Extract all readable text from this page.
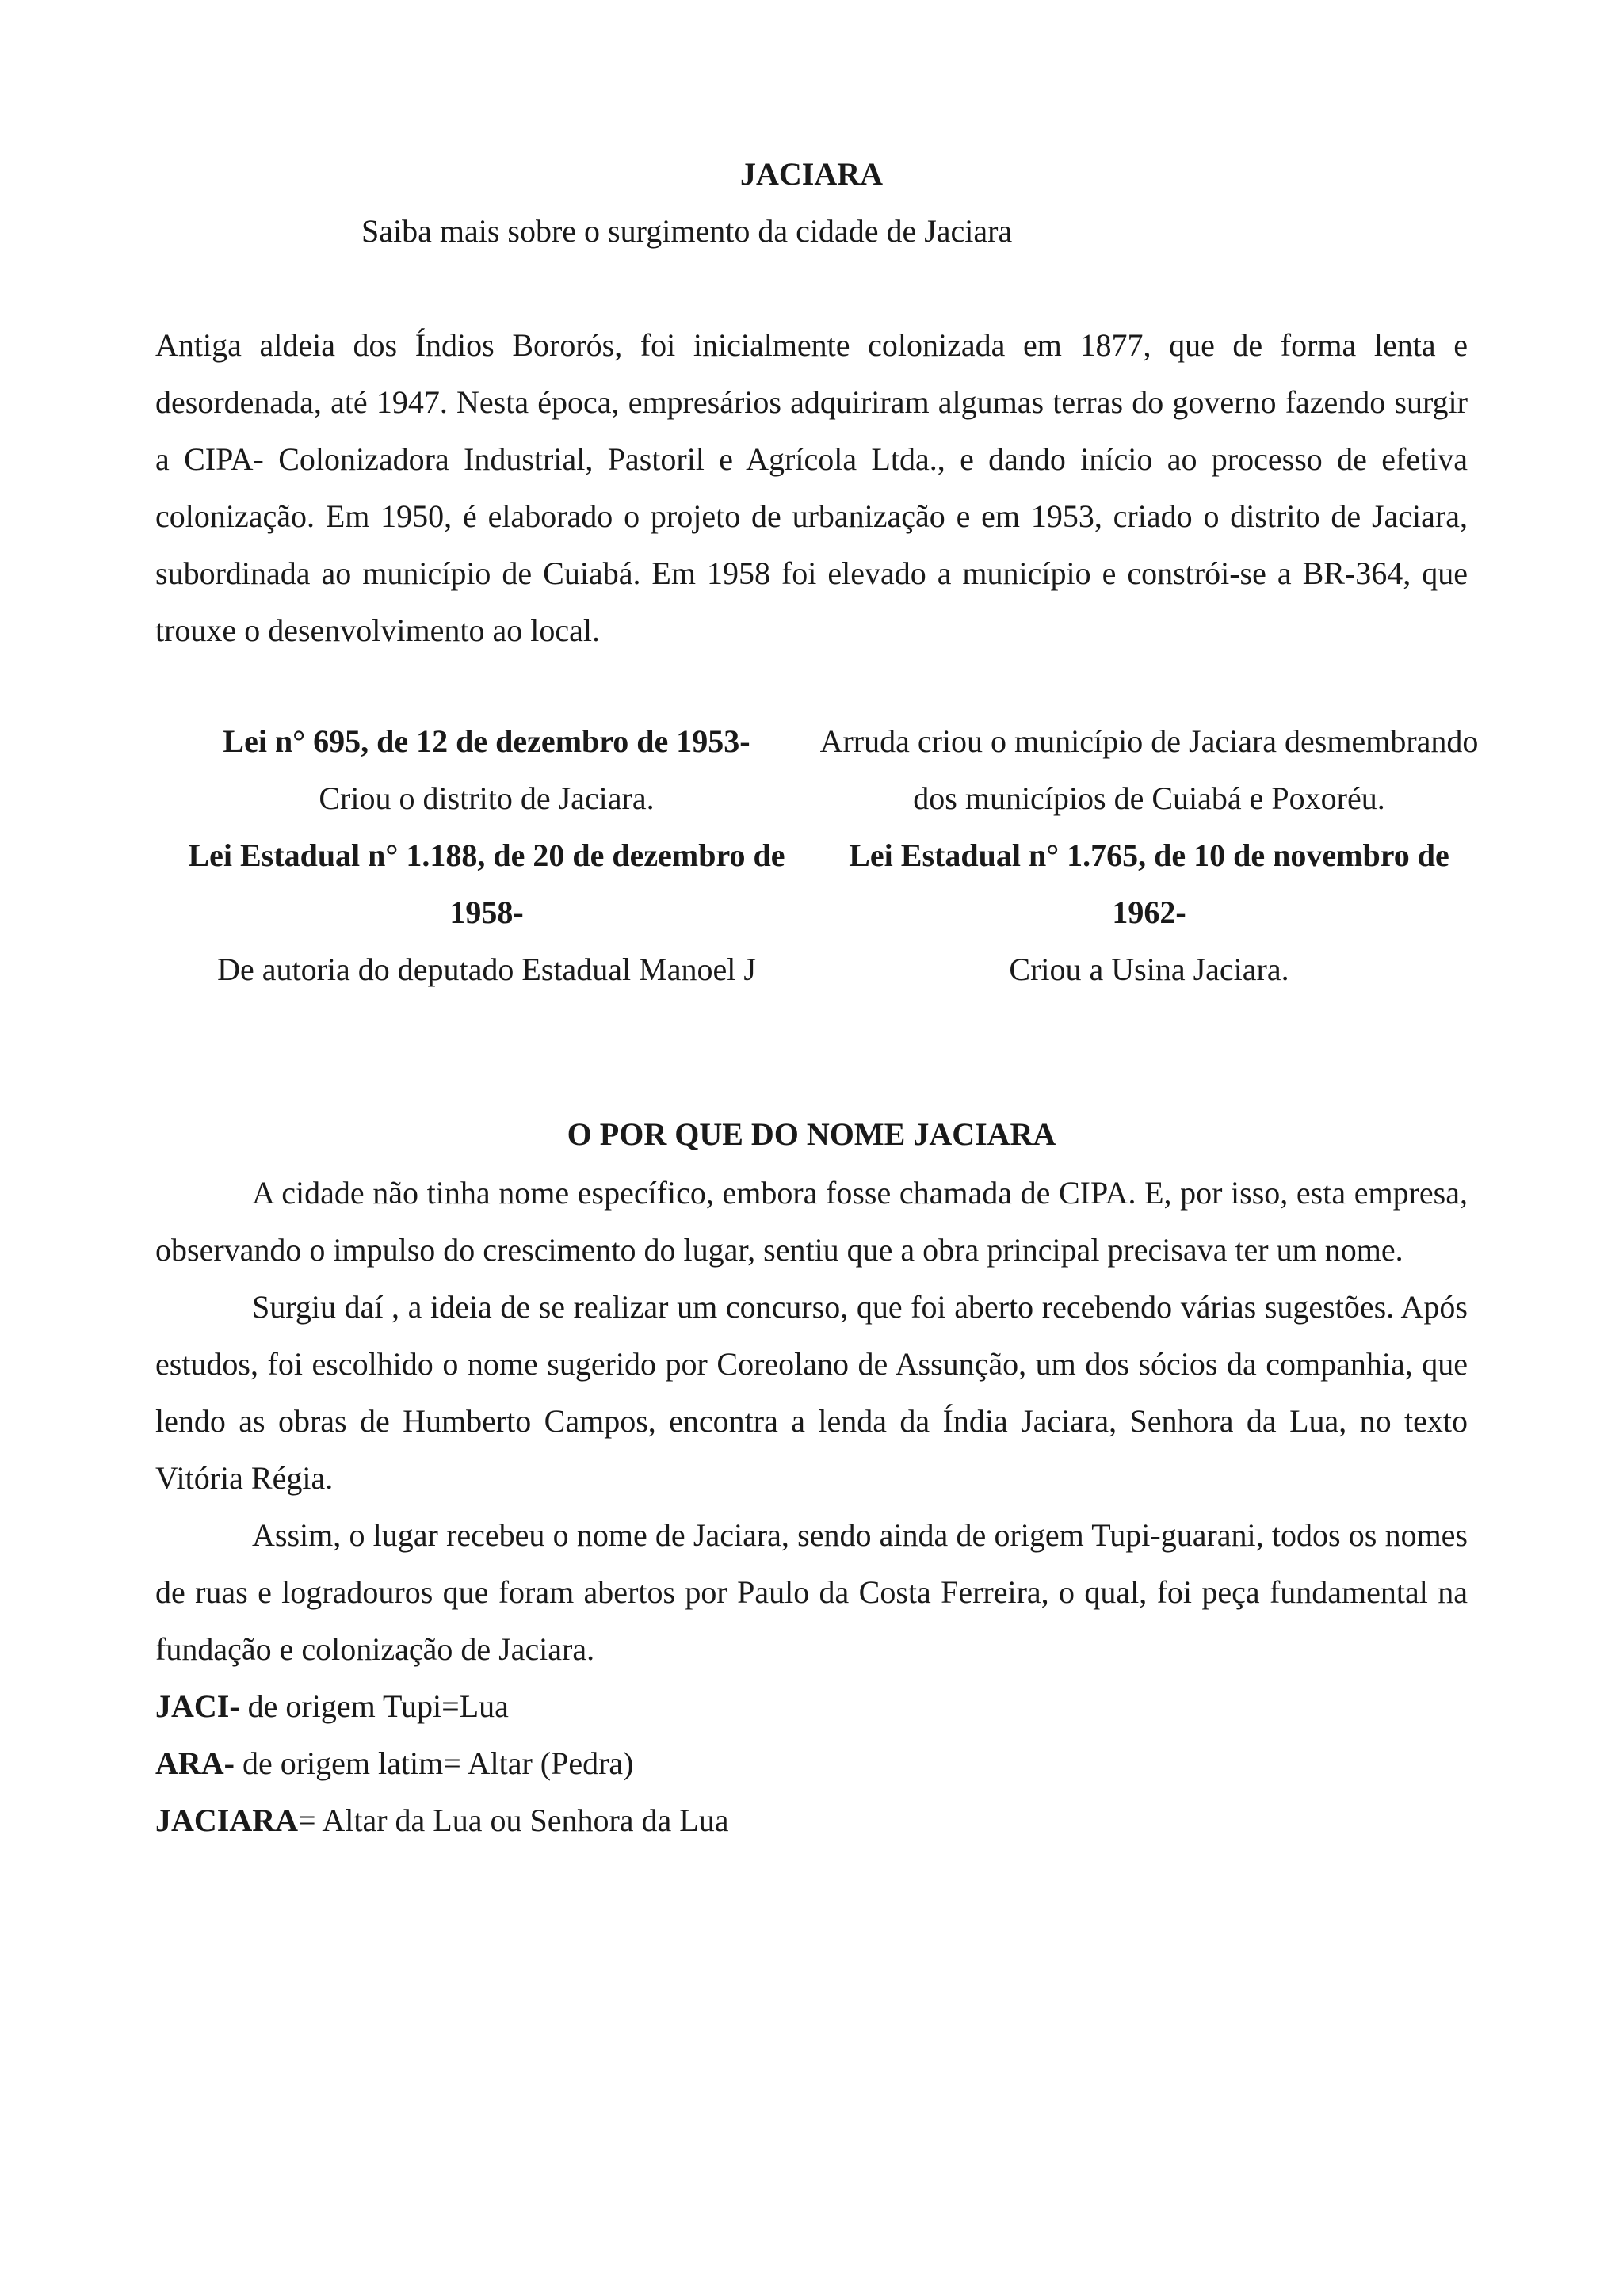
JACIARA
Saiba mais sobre o surgimento da cidade de Jaciara

Antiga aldeia dos Índios Bororós, foi inicialmente colonizada em 1877, que de forma lenta e desordenada, até 1947. Nesta época, empresários adquiriram algumas terras do governo fazendo surgir a CIPA- Colonizadora Industrial, Pastoril e Agrícola Ltda., e dando início ao processo de efetiva colonização. Em 1950, é elaborado o projeto de urbanização e em 1953, criado o distrito de Jaciara, subordinada ao município de Cuiabá. Em 1958 foi elevado a município e constrói-se a BR-364, que trouxe o desenvolvimento ao local.

Lei n° 695, de 12 de dezembro de 1953-

Criou o distrito de Jaciara.

Lei Estadual n° 1.188, de 20 de dezembro de 1958-

De autoria do deputado Estadual Manoel J

Arruda criou o município de Jaciara desmembrando dos municípios de Cuiabá e Poxoréu.

Lei Estadual n° 1.765, de 10 de novembro de 1962-

Criou a Usina Jaciara.

O POR QUE DO NOME JACIARA

A cidade não tinha nome específico, embora fosse chamada de CIPA. E, por isso, esta empresa, observando o impulso do crescimento do lugar, sentiu que a obra principal precisava ter um nome.

Surgiu daí , a ideia de se realizar um concurso, que foi aberto recebendo várias sugestões. Após estudos, foi escolhido o nome sugerido por Coreolano de Assunção, um dos sócios da companhia, que lendo as obras de Humberto Campos, encontra a lenda da Índia Jaciara, Senhora da Lua, no texto Vitória Régia.

Assim, o lugar recebeu o nome de Jaciara, sendo ainda de origem Tupi-guarani, todos os nomes de ruas e logradouros que foram abertos por Paulo da Costa Ferreira, o qual, foi peça fundamental na fundação e colonização de Jaciara.

JACI- de origem Tupi=Lua

ARA- de origem latim= Altar (Pedra)

JACIARA= Altar da Lua ou Senhora da Lua
